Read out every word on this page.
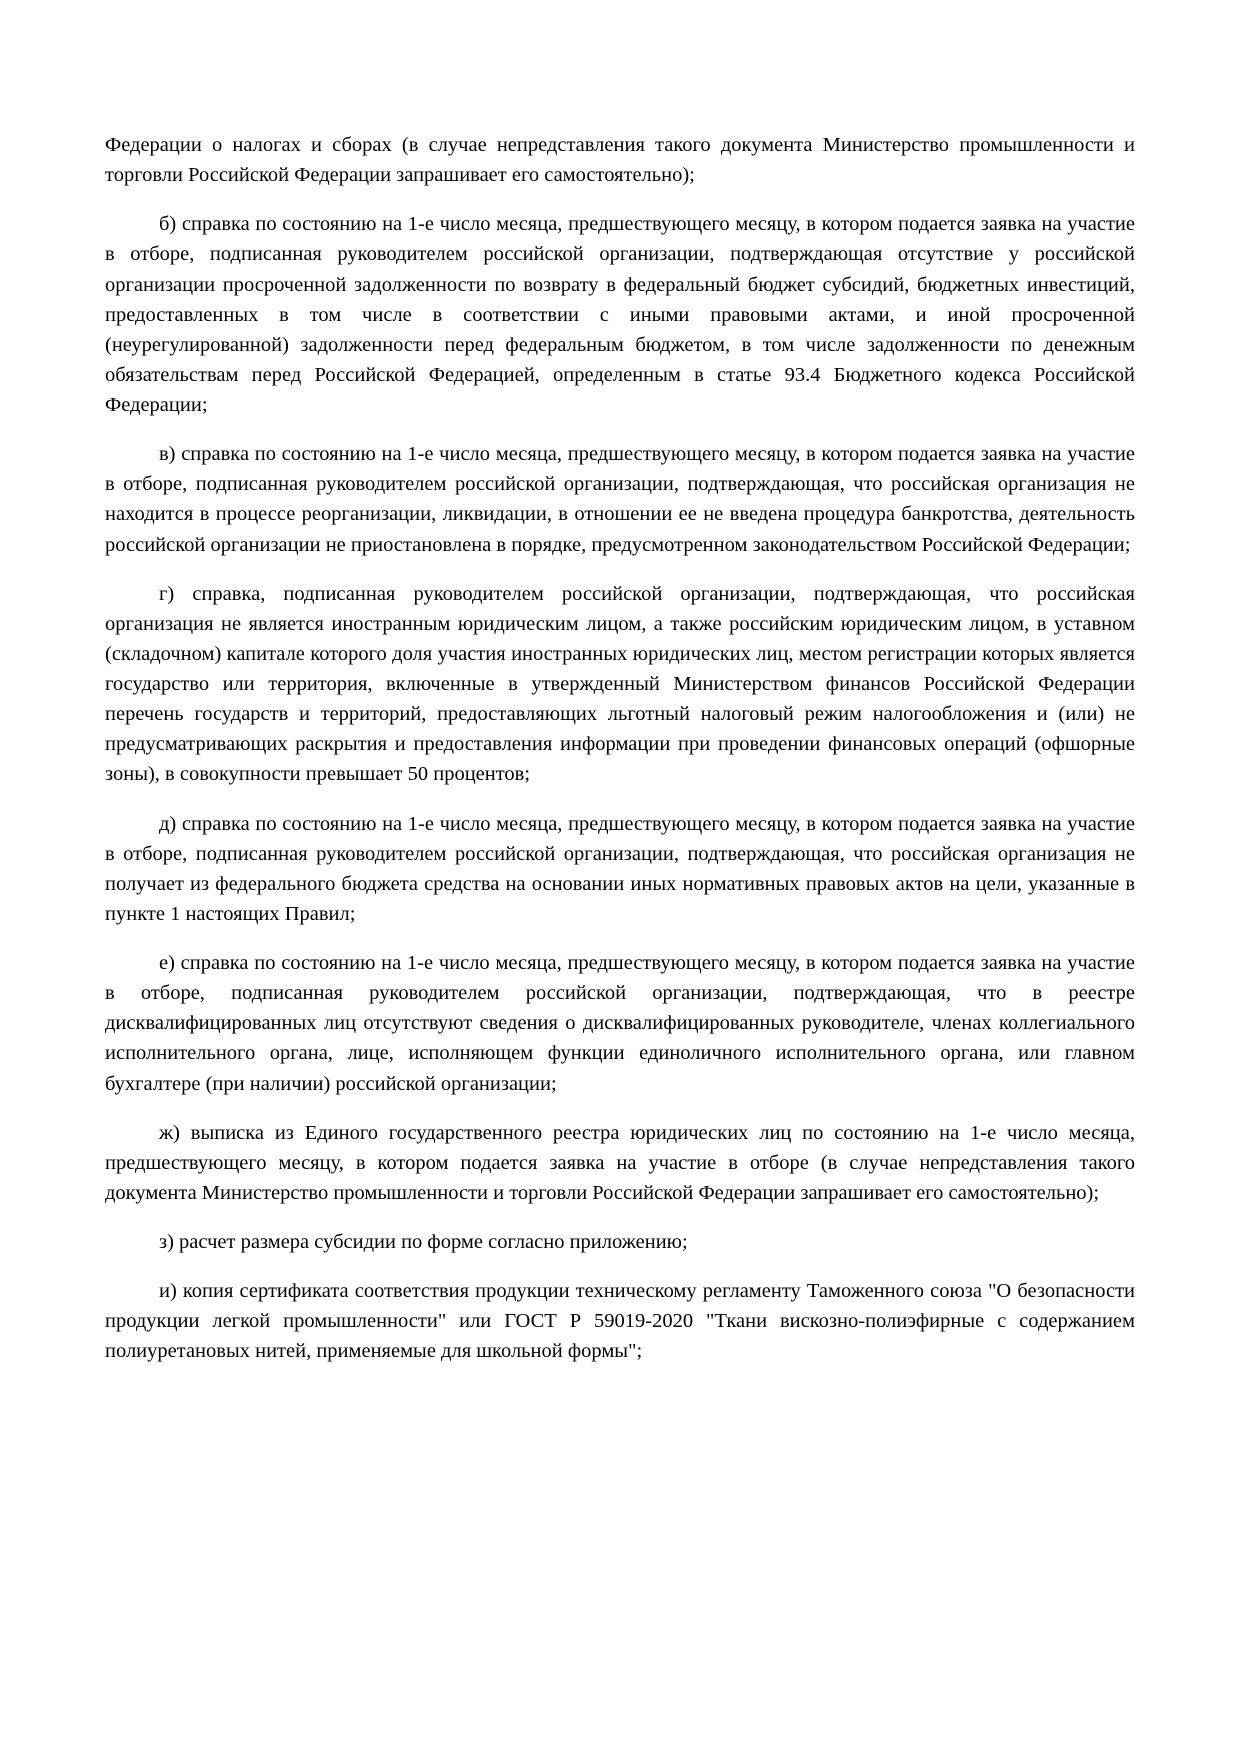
Федерации о налогах и сборах (в случае непредставления такого документа Министерство промышленности и торговли Российской Федерации запрашивает его самостоятельно);

б) справка по состоянию на 1-е число месяца, предшествующего месяцу, в котором подается заявка на участие в отборе, подписанная руководителем российской организации, подтверждающая отсутствие у российской организации просроченной задолженности по возврату в федеральный бюджет субсидий, бюджетных инвестиций, предоставленных в том числе в соответствии с иными правовыми актами, и иной просроченной (неурегулированной) задолженности перед федеральным бюджетом, в том числе задолженности по денежным обязательствам перед Российской Федерацией, определенным в статье 93.4 Бюджетного кодекса Российской Федерации;

в) справка по состоянию на 1-е число месяца, предшествующего месяцу, в котором подается заявка на участие в отборе, подписанная руководителем российской организации, подтверждающая, что российская организация не находится в процессе реорганизации, ликвидации, в отношении ее не введена процедура банкротства, деятельность российской организации не приостановлена в порядке, предусмотренном законодательством Российской Федерации;

г) справка, подписанная руководителем российской организации, подтверждающая, что российская организация не является иностранным юридическим лицом, а также российским юридическим лицом, в уставном (складочном) капитале которого доля участия иностранных юридических лиц, местом регистрации которых является государство или территория, включенные в утвержденный Министерством финансов Российской Федерации перечень государств и территорий, предоставляющих льготный налоговый режим налогообложения и (или) не предусматривающих раскрытия и предоставления информации при проведении финансовых операций (офшорные зоны), в совокупности превышает 50 процентов;

д) справка по состоянию на 1-е число месяца, предшествующего месяцу, в котором подается заявка на участие в отборе, подписанная руководителем российской организации, подтверждающая, что российская организация не получает из федерального бюджета средства на основании иных нормативных правовых актов на цели, указанные в пункте 1 настоящих Правил;

е) справка по состоянию на 1-е число месяца, предшествующего месяцу, в котором подается заявка на участие в отборе, подписанная руководителем российской организации, подтверждающая, что в реестре дисквалифицированных лиц отсутствуют сведения о дисквалифицированных руководителе, членах коллегиального исполнительного органа, лице, исполняющем функции единоличного исполнительного органа, или главном бухгалтере (при наличии) российской организации;

ж) выписка из Единого государственного реестра юридических лиц по состоянию на 1-е число месяца, предшествующего месяцу, в котором подается заявка на участие в отборе (в случае непредставления такого документа Министерство промышленности и торговли Российской Федерации запрашивает его самостоятельно);

з) расчет размера субсидии по форме согласно приложению;

и) копия сертификата соответствия продукции техническому регламенту Таможенного союза "О безопасности продукции легкой промышленности" или ГОСТ Р 59019-2020 "Ткани вискозно-полиэфирные с содержанием полиуретановых нитей, применяемые для школьной формы";
